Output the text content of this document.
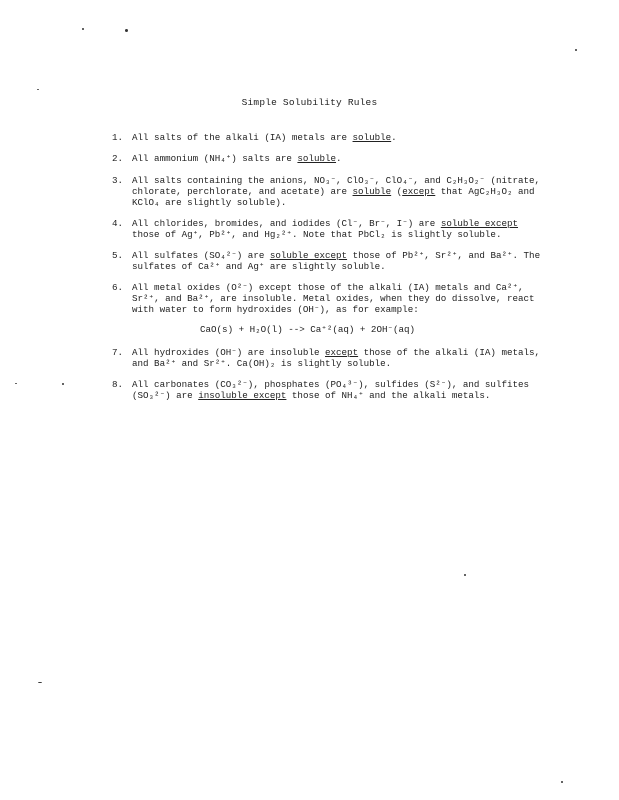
Simple Solubility Rules
1. All salts of the alkali (IA) metals are soluble.
2. All ammonium (NH₄⁺) salts are soluble.
3. All salts containing the anions, NO₃⁻, ClO₃⁻, ClO₄⁻, and C₂H₃O₂⁻ (nitrate,
chlorate, perchlorate, and acetate) are soluble (except that AgC₂H₃O₂ and
KClO₄ are slightly soluble).
4. All chlorides, bromides, and iodides (Cl⁻, Br⁻, I⁻) are soluble except
those of Ag⁺, Pb²⁺, and Hg₂²⁺. Note that PbCl₂ is slightly soluble.
5. All sulfates (SO₄²⁻) are soluble except those of Pb²⁺, Sr²⁺, and Ba²⁺. The
sulfates of Ca²⁺ and Ag⁺ are slightly soluble.
6. All metal oxides (O²⁻) except those of the alkali (IA) metals and Ca²⁺,
Sr²⁺, and Ba²⁺, are insoluble. Metal oxides, when they do dissolve, react
with water to form hydroxides (OH⁻), as for example:
CaO(s) + H₂O(l) --> Ca⁺²(aq) + 2OH⁻(aq)
7. All hydroxides (OH⁻) are insoluble except those of the alkali (IA) metals,
and Ba²⁺ and Sr²⁺. Ca(OH)₂ is slightly soluble.
8. All carbonates (CO₃²⁻), phosphates (PO₄³⁻), sulfides (S²⁻), and sulfites
(SO₃²⁻) are insoluble except those of NH₄⁺ and the alkali metals.
